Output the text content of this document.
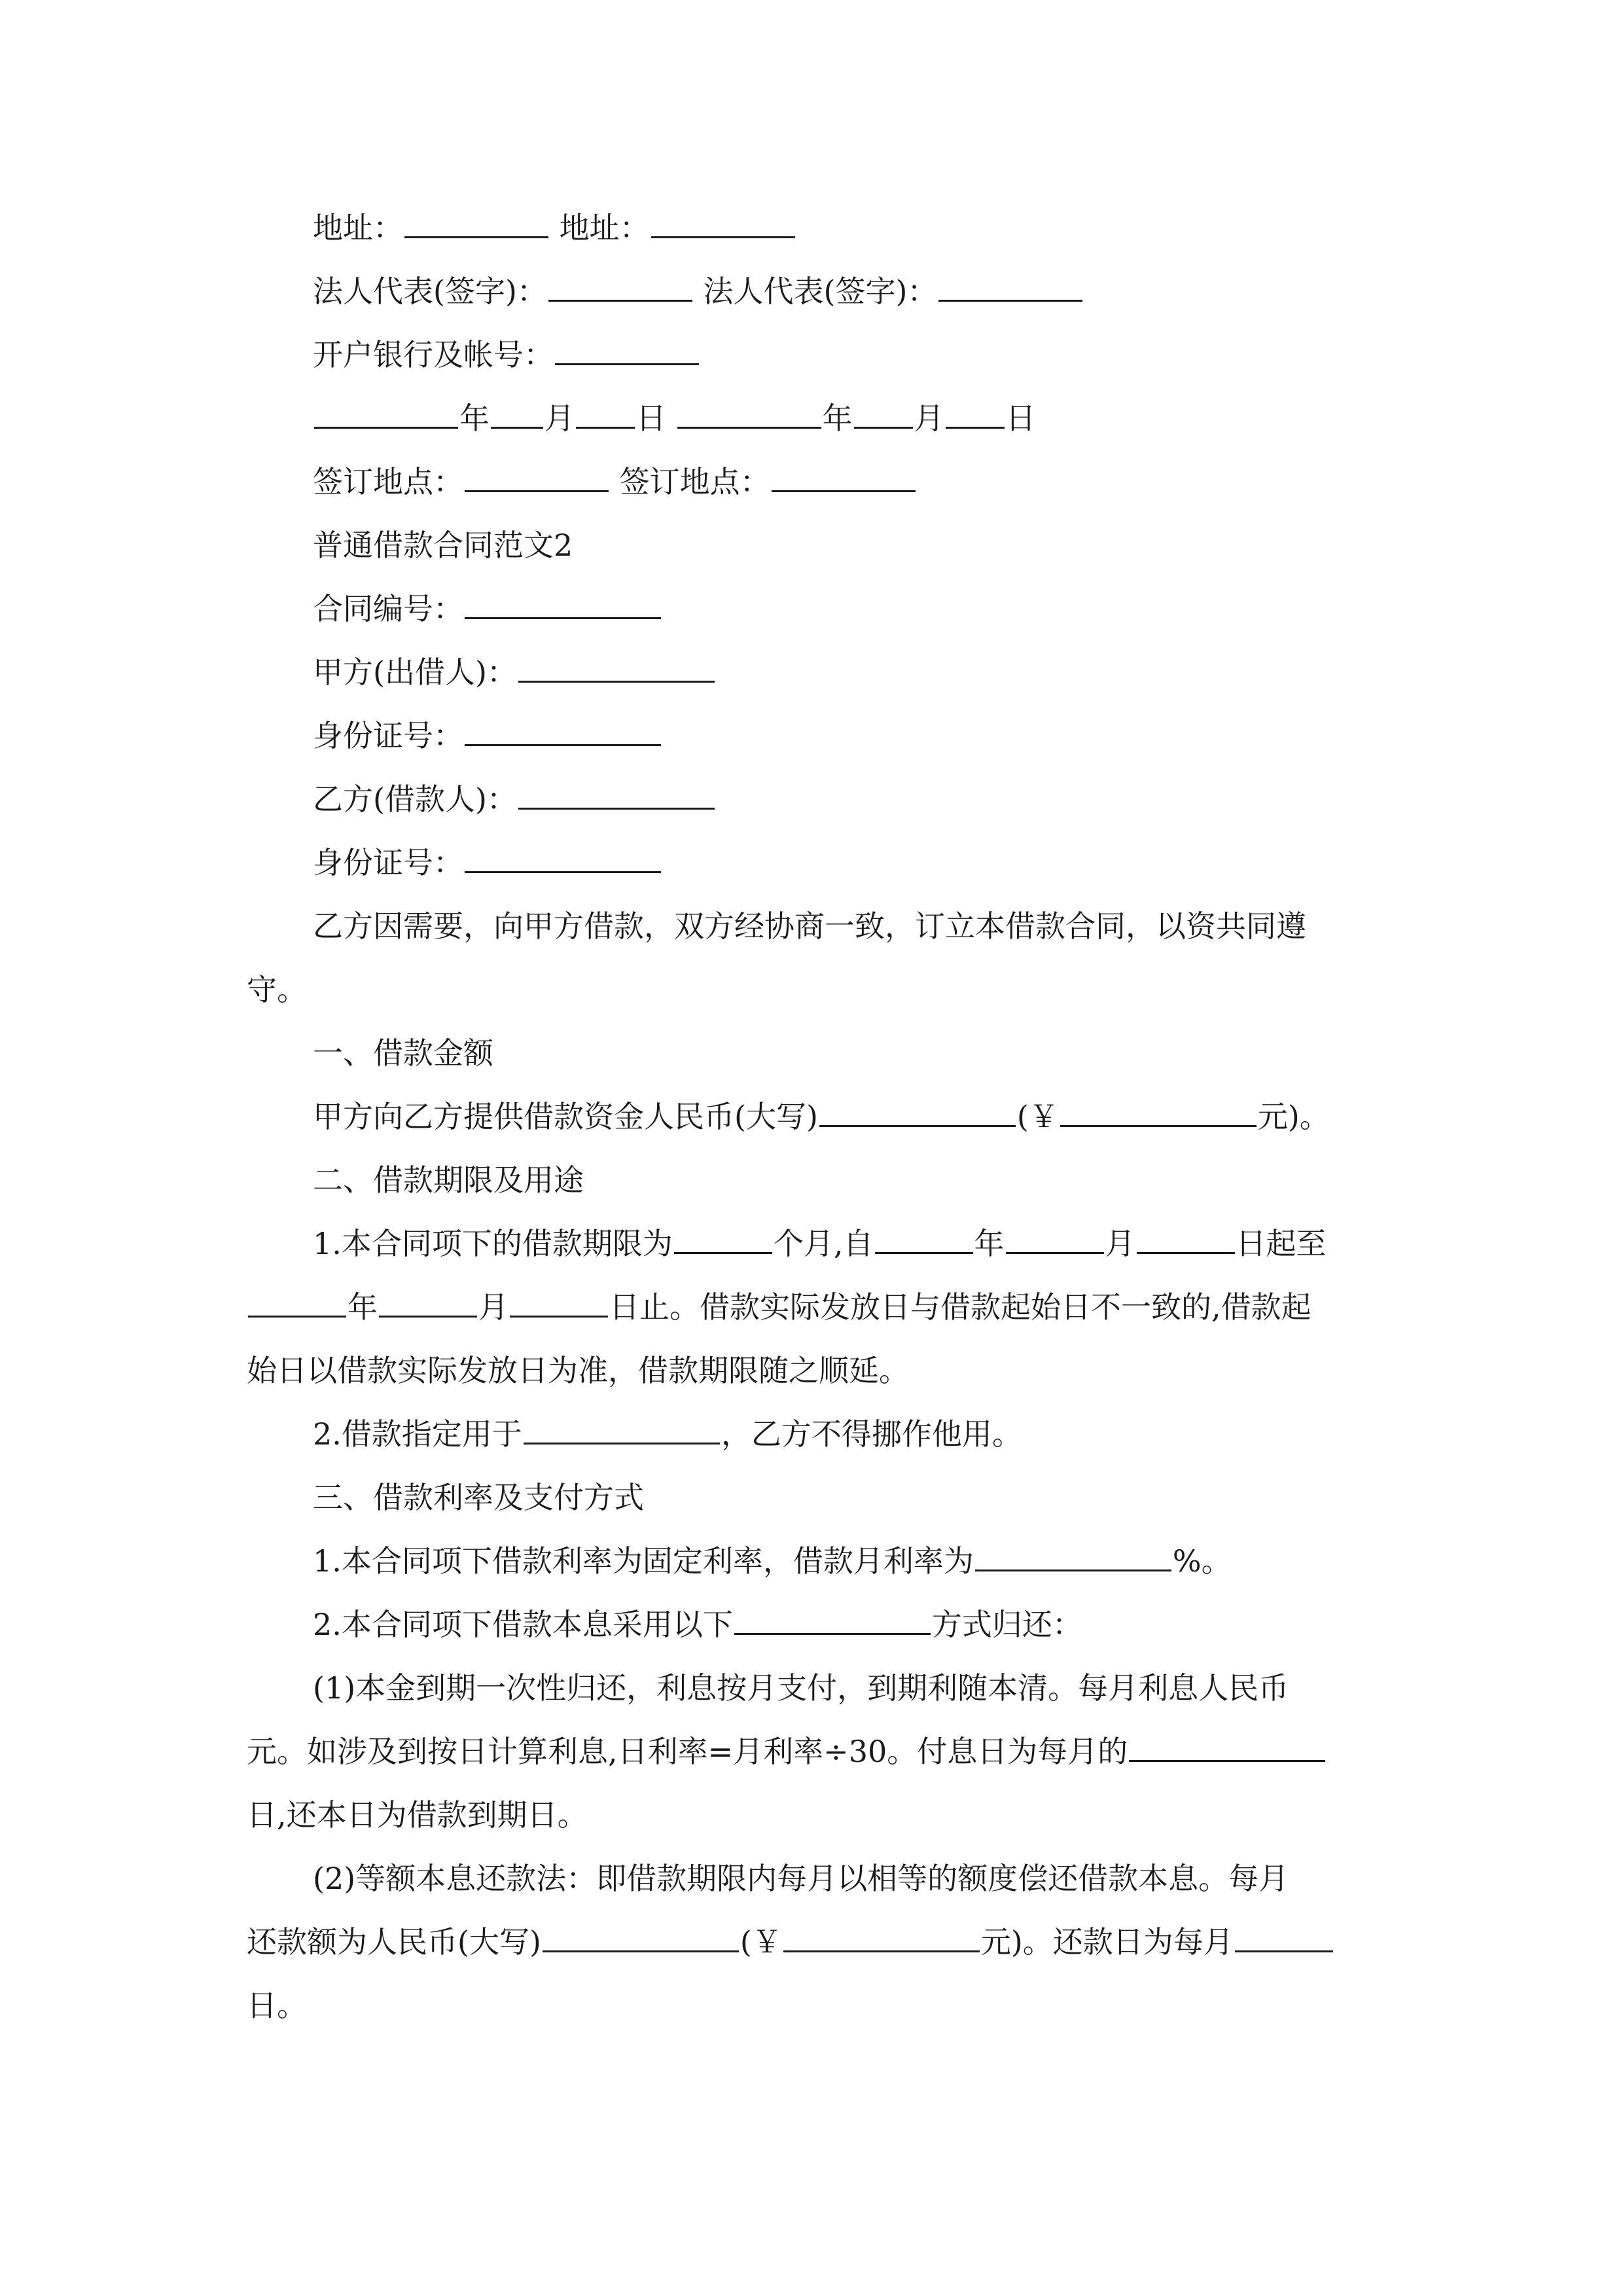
地址：	地址：
法人代表(签字)：	法人代表(签字)：
开户银行及帐号：
年 月 日	年 月 日
签订地点：	签订地点：
普通借款合同范文2
合同编号：
甲方(出借人)：
身份证号：
乙方(借款人)：
身份证号：
乙方因需要，向甲方借款，双方经协商一致，订立本借款合同，以资共同遵
守。
一、借款金额
甲方向乙方提供借款资金人民币(大写)	(￥	元)。
二、借款期限及用途
1.本合同项下的借款期限为	个月,自	年	月	日起至
年	月	日止。借款实际发放日与借款起始日不一致的,借款起
始日以借款实际发放日为准，借款期限随之顺延。
2.借款指定用于	，乙方不得挪作他用。
三、借款利率及支付方式
1.本合同项下借款利率为固定利率，借款月利率为	%。
2.本合同项下借款本息采用以下	方式归还：
(1)本金到期一次性归还，利息按月支付，到期利随本清。每月利息人民币
元。如涉及到按日计算利息,日利率=月利率÷30。付息日为每月的
日,还本日为借款到期日。
(2)等额本息还款法：即借款期限内每月以相等的额度偿还借款本息。每月
还款额为人民币(大写)	(￥	元)。还款日为每月
日。
